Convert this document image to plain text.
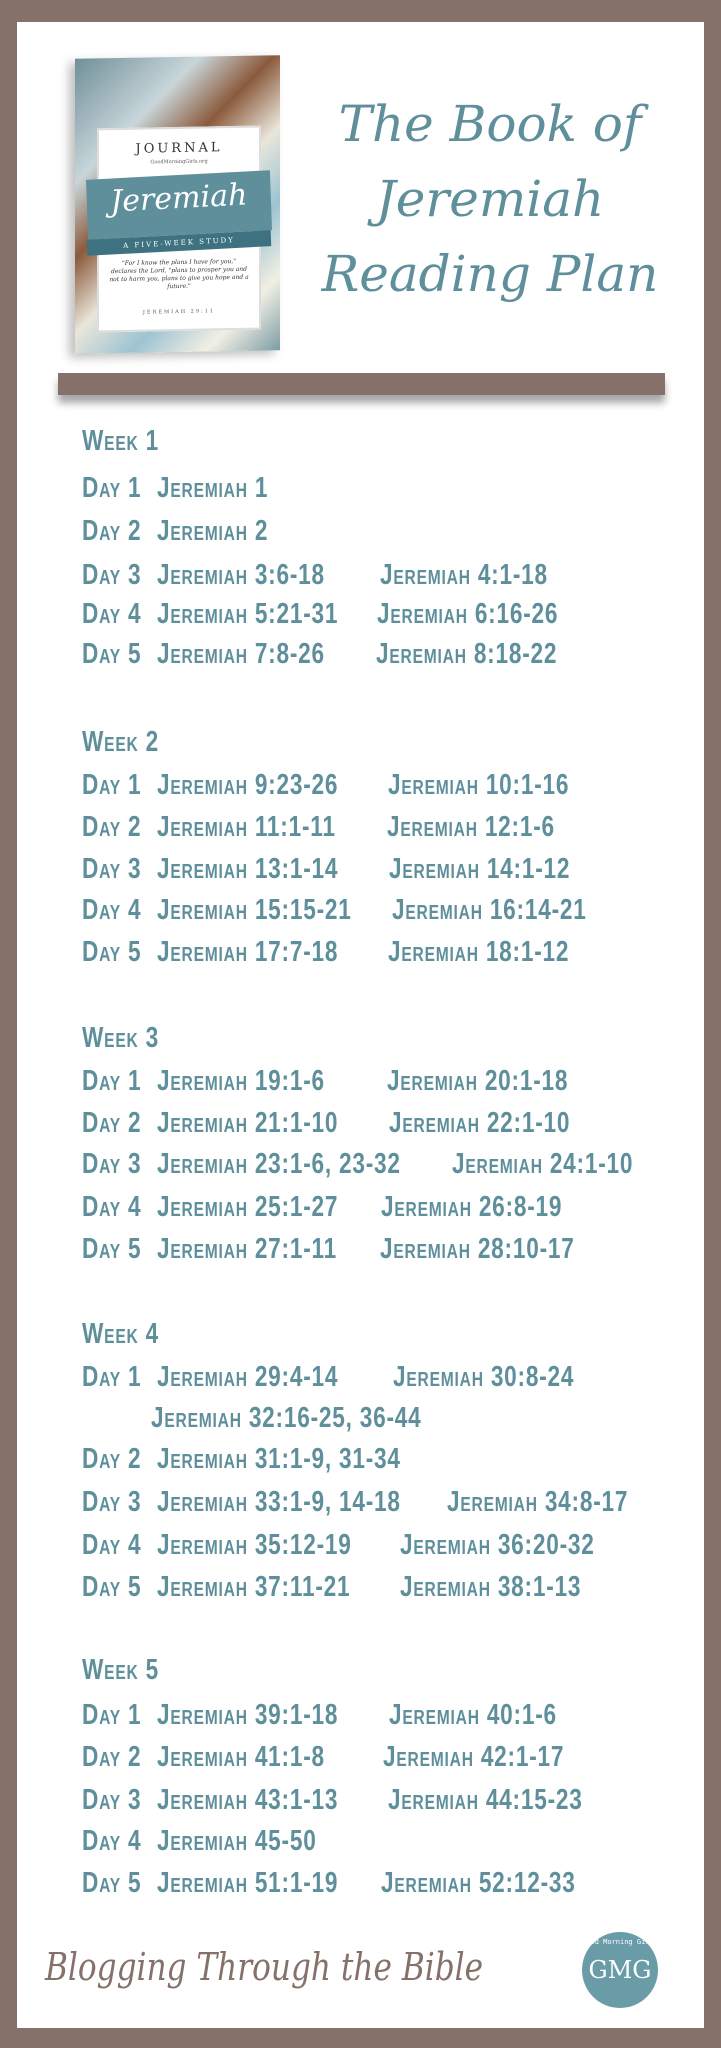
JOURNAL
GoodMorningGirls.org
Jeremiah
A FIVE-WEEK STUDY
"For I know the plans I have for you," declares the Lord, "plans to prosper you and not to harm you, plans to give you hope and a future."
JEREMIAH 29:11
The Book of
Jeremiah
Reading Plan
Week 1
Day 1 Jeremiah 1
Day 2 Jeremiah 2
Day 3 Jeremiah 3:6-18 Jeremiah 4:1-18
Day 4 Jeremiah 5:21-31 Jeremiah 6:16-26
Day 5 Jeremiah 7:8-26 Jeremiah 8:18-22
Week 2
Day 1 Jeremiah 9:23-26 Jeremiah 10:1-16
Day 2 Jeremiah 11:1-11 Jeremiah 12:1-6
Day 3 Jeremiah 13:1-14 Jeremiah 14:1-12
Day 4 Jeremiah 15:15-21 Jeremiah 16:14-21
Day 5 Jeremiah 17:7-18 Jeremiah 18:1-12
Week 3
Day 1 Jeremiah 19:1-6 Jeremiah 20:1-18
Day 2 Jeremiah 21:1-10 Jeremiah 22:1-10
Day 3 Jeremiah 23:1-6, 23-32 Jeremiah 24:1-10
Day 4 Jeremiah 25:1-27 Jeremiah 26:8-19
Day 5 Jeremiah 27:1-11 Jeremiah 28:10-17
Week 4
Day 1 Jeremiah 29:4-14 Jeremiah 30:8-24
Day 2 Jeremiah 31:1-9, 31-34
Jeremiah 32:16-25, 36-44
Day 3 Jeremiah 33:1-9, 14-18 Jeremiah 34:8-17
Day 4 Jeremiah 35:12-19 Jeremiah 36:20-32
Day 5 Jeremiah 37:11-21 Jeremiah 38:1-13
Week 5
Day 1 Jeremiah 39:1-18 Jeremiah 40:1-6
Day 2 Jeremiah 41:1-8 Jeremiah 42:1-17
Day 3 Jeremiah 43:1-13 Jeremiah 44:15-23
Day 4 Jeremiah 45-50
Day 5 Jeremiah 51:1-19 Jeremiah 52:12-33
Blogging Through the Bible
Good Morning Girls
GMG
